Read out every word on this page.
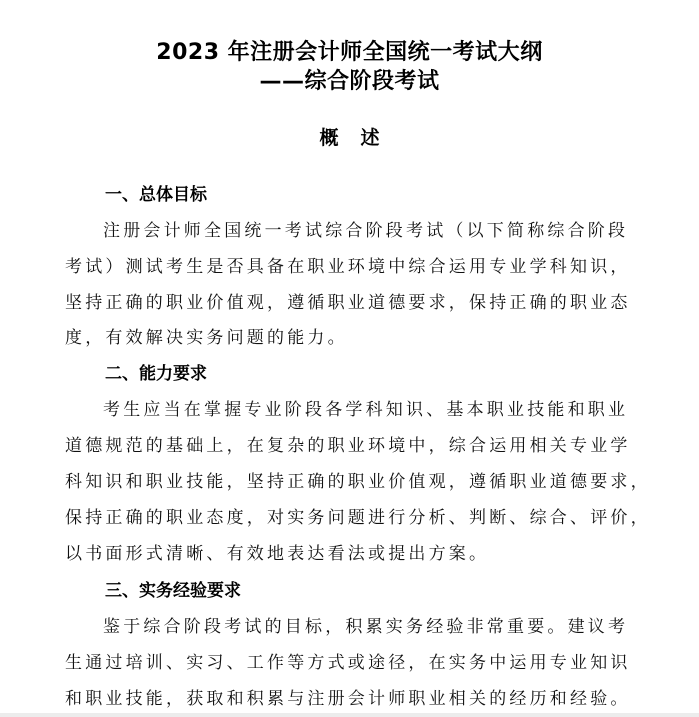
2023 年注册会计师全国统一考试大纲
——综合阶段考试
概 述
一、总体目标
注册会计师全国统一考试综合阶段考试（以下简称综合阶段
考试）测试考生是否具备在职业环境中综合运用专业学科知识，
坚持正确的职业价值观，遵循职业道德要求，保持正确的职业态
度，有效解决实务问题的能力。
二、能力要求
考生应当在掌握专业阶段各学科知识、基本职业技能和职业
道德规范的基础上，在复杂的职业环境中，综合运用相关专业学
科知识和职业技能，坚持正确的职业价值观，遵循职业道德要求，
保持正确的职业态度，对实务问题进行分析、判断、综合、评价，
以书面形式清晰、有效地表达看法或提出方案。
三、实务经验要求
鉴于综合阶段考试的目标，积累实务经验非常重要。建议考
生通过培训、实习、工作等方式或途径，在实务中运用专业知识
和职业技能，获取和积累与注册会计师职业相关的经历和经验。
